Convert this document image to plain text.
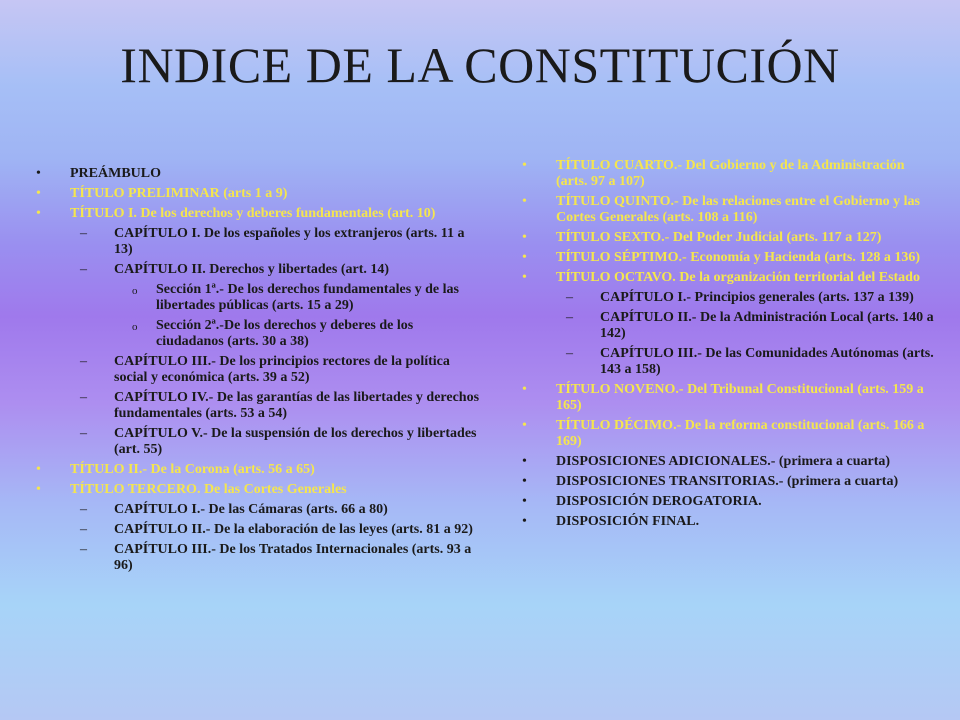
INDICE DE LA CONSTITUCIÓN
• PREÁMBULO
• TÍTULO PRELIMINAR (arts 1 a 9)
• TÍTULO I. De los derechos y deberes fundamentales (art. 10)
– CAPÍTULO I. De los españoles y los extranjeros (arts. 11 a 13)
– CAPÍTULO II. Derechos y libertades (art. 14)
o Sección 1ª.- De los derechos fundamentales y de las libertades públicas (arts. 15 a 29)
o Sección 2ª.-De los derechos y deberes de los ciudadanos (arts. 30 a 38)
– CAPÍTULO III.- De los principios rectores de la política social y económica (arts. 39 a 52)
– CAPÍTULO IV.- De las garantías de las libertades y derechos fundamentales (arts. 53 a 54)
– CAPÍTULO V.- De la suspensión de los derechos y libertades (art. 55)
• TÍTULO II.- De la Corona (arts. 56 a 65)
• TÍTULO TERCERO. De las Cortes Generales
– CAPÍTULO I.- De las Cámaras (arts. 66 a 80)
– CAPÍTULO II.- De la elaboración de las leyes (arts. 81 a 92)
– CAPÍTULO III.- De los Tratados Internacionales (arts. 93 a 96)
• TÍTULO CUARTO.- Del Gobierno y de la Administración (arts. 97 a 107)
• TÍTULO QUINTO.- De las relaciones entre el Gobierno y las Cortes Generales (arts. 108 a 116)
• TÍTULO SEXTO.- Del Poder Judicial (arts. 117 a 127)
• TÍTULO SÉPTIMO.- Economía y Hacienda (arts. 128 a 136)
• TÍTULO OCTAVO. De la organización territorial del Estado
– CAPÍTULO I.- Principios generales (arts. 137 a 139)
– CAPÍTULO II.- De la Administración Local (arts. 140 a 142)
– CAPÍTULO III.- De las Comunidades Autónomas (arts. 143 a 158)
• TÍTULO NOVENO.- Del Tribunal Constitucional (arts. 159 a 165)
• TÍTULO DÉCIMO.- De la reforma constitucional (arts. 166 a 169)
• DISPOSICIONES ADICIONALES.- (primera a cuarta)
• DISPOSICIONES TRANSITORIAS.- (primera a cuarta)
• DISPOSICIÓN DEROGATORIA.
• DISPOSICIÓN FINAL.
